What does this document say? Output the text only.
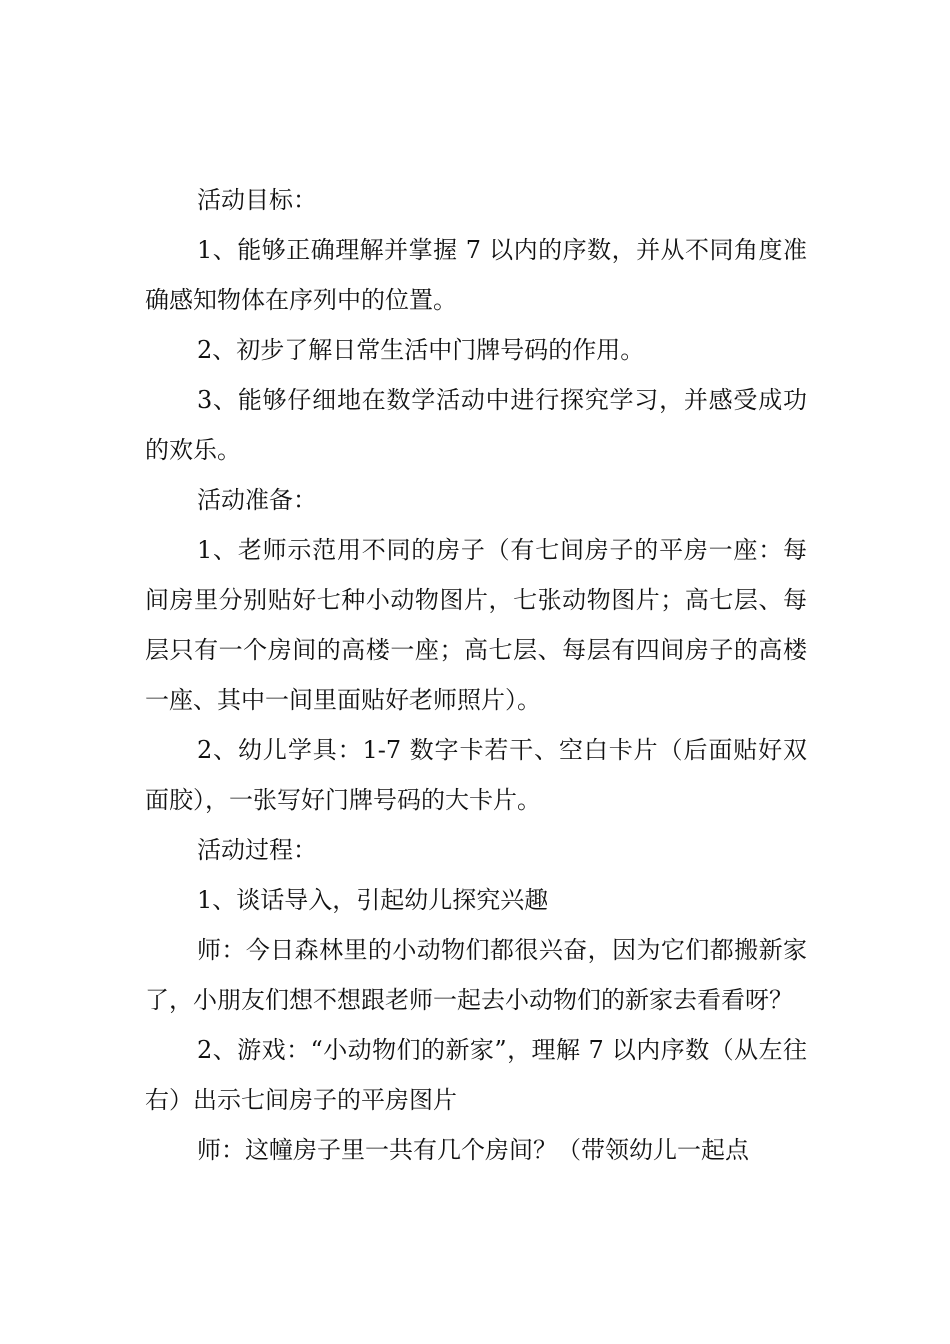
活动目标：

1、能够正确理解并掌握 7 以内的序数，并从不同角度准确感知物体在序列中的位置。

2、初步了解日常生活中门牌号码的作用。

3、能够仔细地在数学活动中进行探究学习，并感受成功的欢乐。

活动准备：

1、老师示范用不同的房子（有七间房子的平房一座：每间房里分别贴好七种小动物图片，七张动物图片；高七层、每层只有一个房间的高楼一座；高七层、每层有四间房子的高楼一座、其中一间里面贴好老师照片）。

2、幼儿学具：1-7 数字卡若干、空白卡片（后面贴好双面胶），一张写好门牌号码的大卡片。

活动过程：

1、谈话导入，引起幼儿探究兴趣

师：今日森林里的小动物们都很兴奋，因为它们都搬新家了，小朋友们想不想跟老师一起去小动物们的新家去看看呀？

2、游戏：“小动物们的新家”，理解 7 以内序数（从左往右）出示七间房子的平房图片

师：这幢房子里一共有几个房间？（带领幼儿一起点
